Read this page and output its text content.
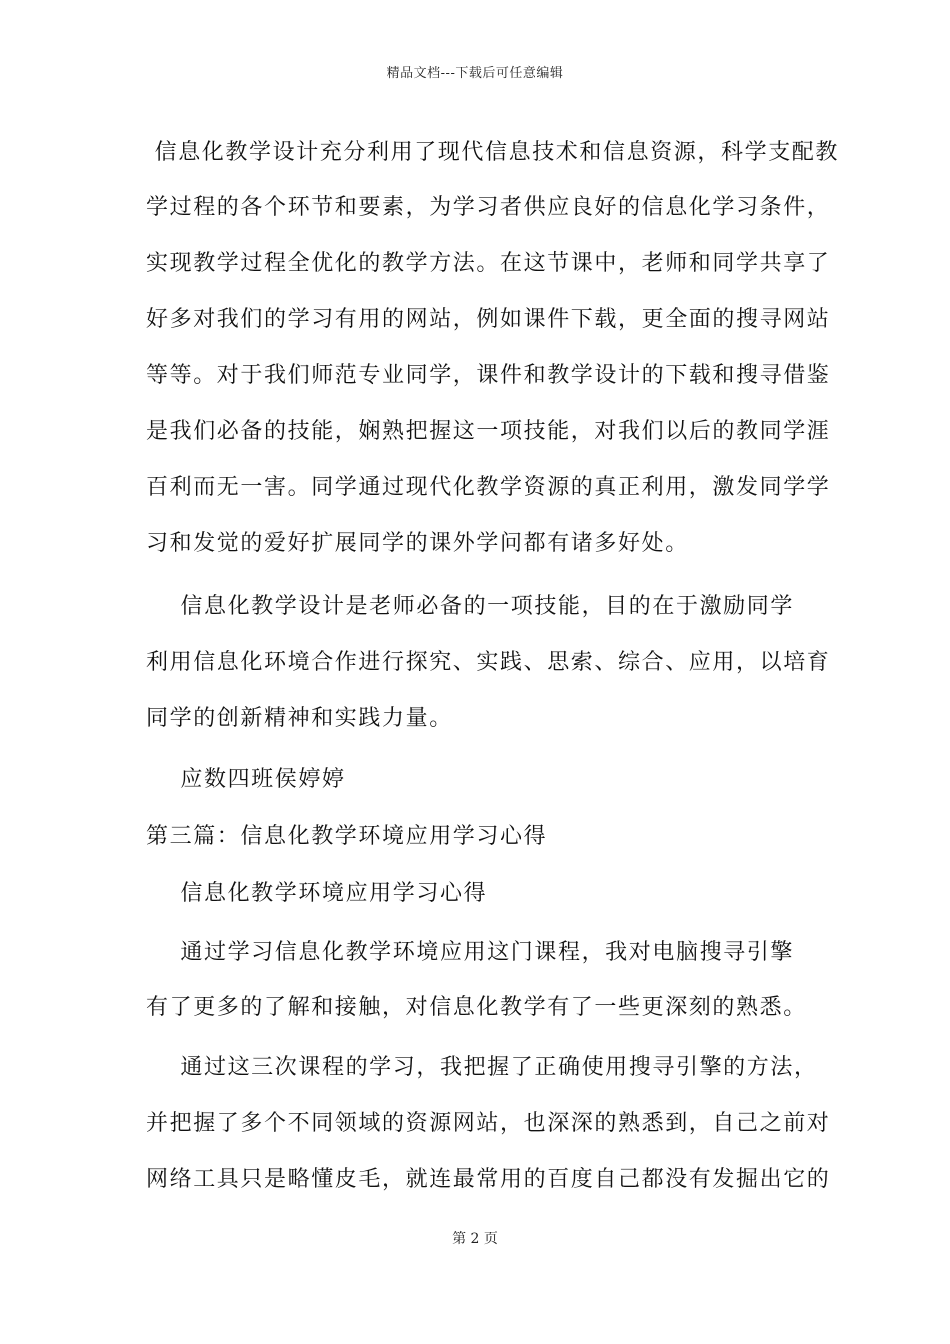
精品文档---下载后可任意编辑
信息化教学设计充分利用了现代信息技术和信息资源，科学支配教
学过程的各个环节和要素，为学习者供应良好的信息化学习条件，
实现教学过程全优化的教学方法。在这节课中，老师和同学共享了
好多对我们的学习有用的网站，例如课件下载，更全面的搜寻网站
等等。对于我们师范专业同学，课件和教学设计的下载和搜寻借鉴
是我们必备的技能，娴熟把握这一项技能，对我们以后的教同学涯
百利而无一害。同学通过现代化教学资源的真正利用，激发同学学
习和发觉的爱好扩展同学的课外学问都有诸多好处。
信息化教学设计是老师必备的一项技能，目的在于激励同学
利用信息化环境合作进行探究、实践、思索、综合、应用，以培育
同学的创新精神和实践力量。
应数四班侯婷婷
第三篇：信息化教学环境应用学习心得
信息化教学环境应用学习心得
通过学习信息化教学环境应用这门课程，我对电脑搜寻引擎
有了更多的了解和接触，对信息化教学有了一些更深刻的熟悉。
通过这三次课程的学习，我把握了正确使用搜寻引擎的方法，
并把握了多个不同领域的资源网站，也深深的熟悉到，自己之前对
网络工具只是略懂皮毛，就连最常用的百度自己都没有发掘出它的
第 2 页
